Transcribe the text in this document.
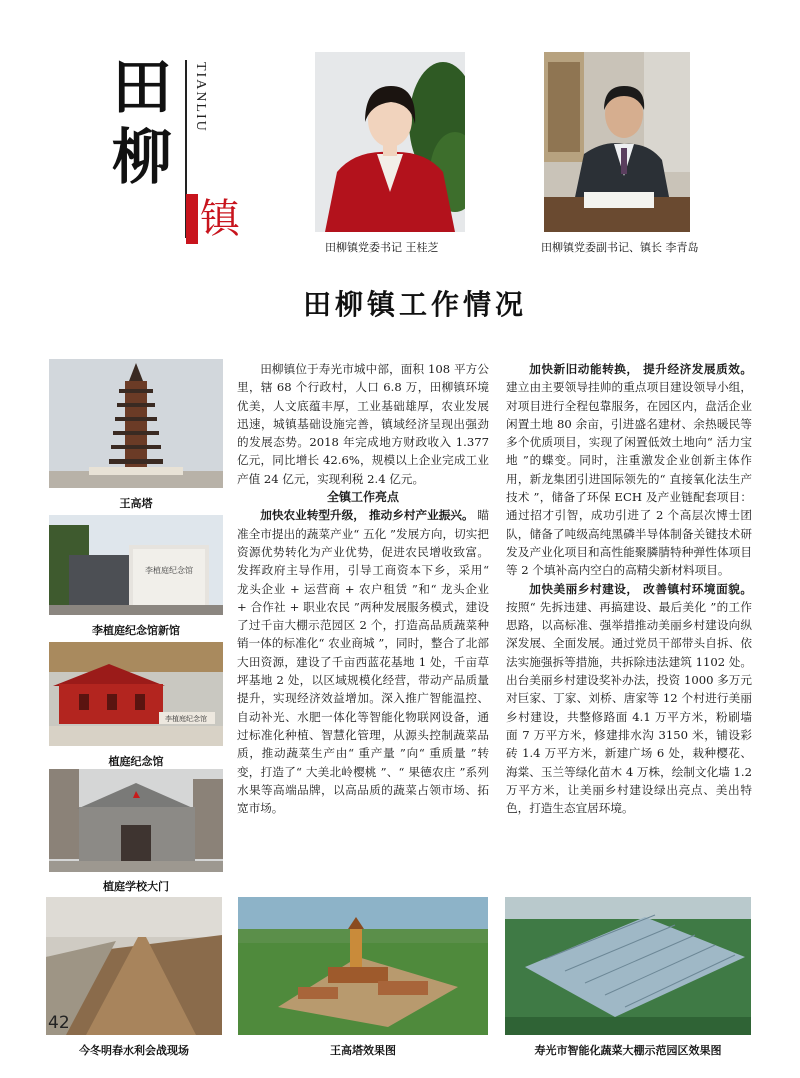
田
柳
TIANLIU
镇
田柳镇党委书记 王桂芝	田柳镇党委副书记、镇长 李青岛
田柳镇工作情况
王高塔
李植庭纪念馆
李植庭纪念馆新馆
李植庭纪念馆
植庭纪念馆
植庭学校大门

田柳镇位于寿光市城中部，面积 108 平方公里，辖 68 个行政村，人口 6.8 万，田柳镇环境优美，人文底蕴丰厚，工业基础雄厚，农业发展迅速，城镇基础设施完善，镇域经济呈现出强劲的发展态势。2018 年完成地方财政收入 1.377 亿元，同比增长 42.6%，规模以上企业完成工业产值 24 亿元，实现利税 2.4 亿元。

全镇工作亮点

加快农业转型升级， 推动乡村产业振兴。 瞄准全市提出的蔬菜产业“ 五化 ”发展方向，切实把资源优势转化为产业优势，促进农民增收致富。发挥政府主导作用，引导工商资本下乡，采用“ 龙头企业 + 运营商 + 农户租赁 ”和“ 龙头企业 + 合作社 + 职业农民 ”两种发展服务模式，建设了过千亩大棚示范园区 2 个，打造高品质蔬菜种销一体的标准化“ 农业商城 ”，同时，整合了北部大田资源，建设了千亩西蓝花基地 1 处，千亩草坪基地 2 处，以区域规模化经营，带动产品质量提升，实现经济效益增加。深入推广智能温控、自动补光、水肥一体化等智能化物联网设备，通过标准化种植、智慧化管理，从源头控制蔬菜品质，推动蔬菜生产由“ 重产量 ”向“ 重质量 ”转变，打造了“ 大美北岭樱桃 ”、“ 果德农庄 ”系列水果等高端品牌，以高品质的蔬菜占领市场、拓宽市场。

加快新旧动能转换， 提升经济发展质效。 建立由主要领导挂帅的重点项目建设领导小组，对项目进行全程包靠服务，在园区内，盘活企业闲置土地 80 余亩，引进盛名建材、余热暖民等多个优质项目，实现了闲置低效土地向“ 活力宝地 ”的蝶变。同时，注重激发企业创新主体作用，新龙集团引进国际领先的“ 直接氧化法生产技术 ”，储备了环保 ECH 及产业链配套项目：通过招才引智，成功引进了 2 个高层次博士团队，储备了吨级高纯黑磷半导体制备关键技术研发及产业化项目和高性能聚膦腈特种弹性体项目等 2 个填补高内空白的高精尖新材料项目。

加快美丽乡村建设， 改善镇村环境面貌。 按照“ 先拆违建、再搞建设、最后美化 ”的工作思路，以高标准、强举措推动美丽乡村建设向纵深发展、全面发展。通过党员干部带头自拆、依法实施强拆等措施，共拆除违法建筑 1102 处。出台美丽乡村建设奖补办法，投资 1000 多万元对巨家、丁家、刘桥、唐家等 12 个村进行美丽乡村建设，共整修路面 4.1 万平方米，粉刷墙面 7 万平方米，修建排水沟 3150 米，铺设彩砖 1.4 万平方米，新建广场 6 处，栽种樱花、海棠、玉兰等绿化苗木 4 万株，绘制文化墙 1.2 万平方米，让美丽乡村建设绿出亮点、美出特色，打造生态宜居环境。

42
今冬明春水利会战现场	王高塔效果图	寿光市智能化蔬菜大棚示范园区效果图
